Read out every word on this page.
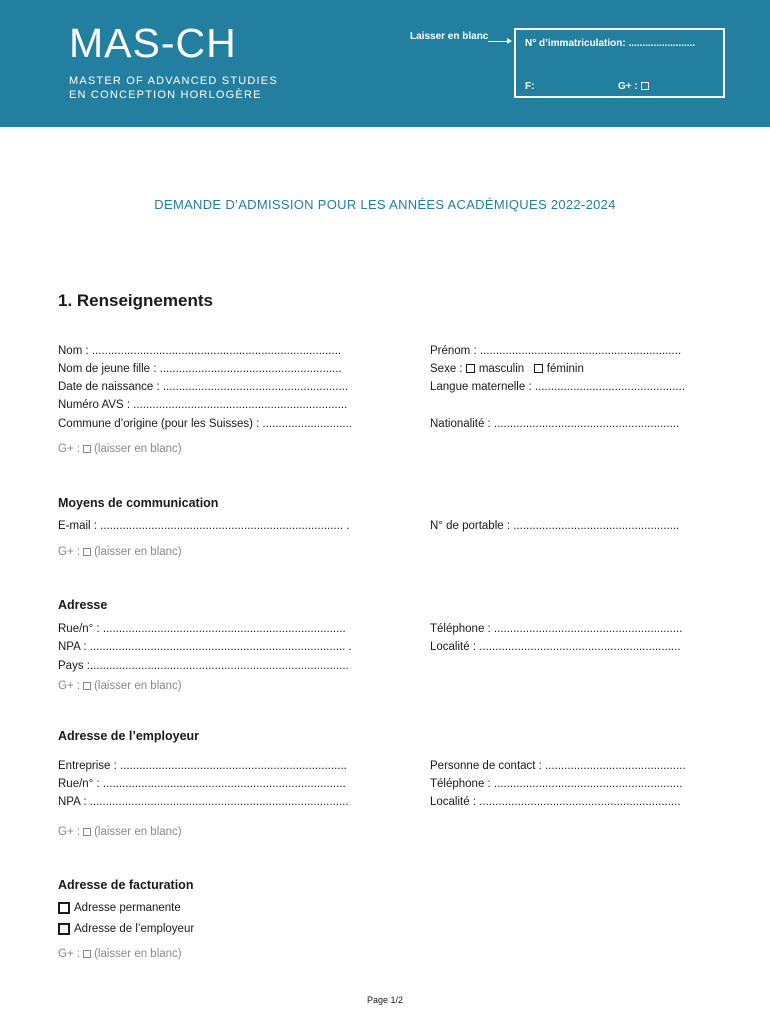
MAS-CH
MASTER OF ADVANCED STUDIES
EN CONCEPTION HORLOGÈRE
Laisser en blanc
N° d’immatriculation: ........................
F:	G+ :
DEMANDE D’ADMISSION POUR LES ANNÉES ACADÉMIQUES 2022-2024
1. Renseignements
Nom : ..............................................................................
Nom de jeune fille : .........................................................
Date de naissance : ..........................................................
Numéro AVS : ...................................................................
Commune d’origine (pour les Suisses) : ............................
Prénom : ...............................................................
Sexe : masculin féminin
Langue maternelle : ...............................................
Nationalité : ..........................................................
G+ : (laisser en blanc)
Moyens de communication
E-mail : ............................................................................ .	N° de portable : ....................................................
G+ : (laisser en blanc)
Adresse
Rue/n° : ............................................................................
NPA : ................................................................................ .
Pays :.................................................................................
Téléphone : ...........................................................
Localité : ...............................................................
G+ : (laisser en blanc)
Adresse de l’employeur
Entreprise : .......................................................................
Rue/n° : ............................................................................
NPA : .................................................................................
Personne de contact : ............................................
Téléphone : ...........................................................
Localité : ...............................................................
G+ : (laisser en blanc)
Adresse de facturation
Adresse permanente
Adresse de l’employeur
G+ : (laisser en blanc)
Page 1/2
